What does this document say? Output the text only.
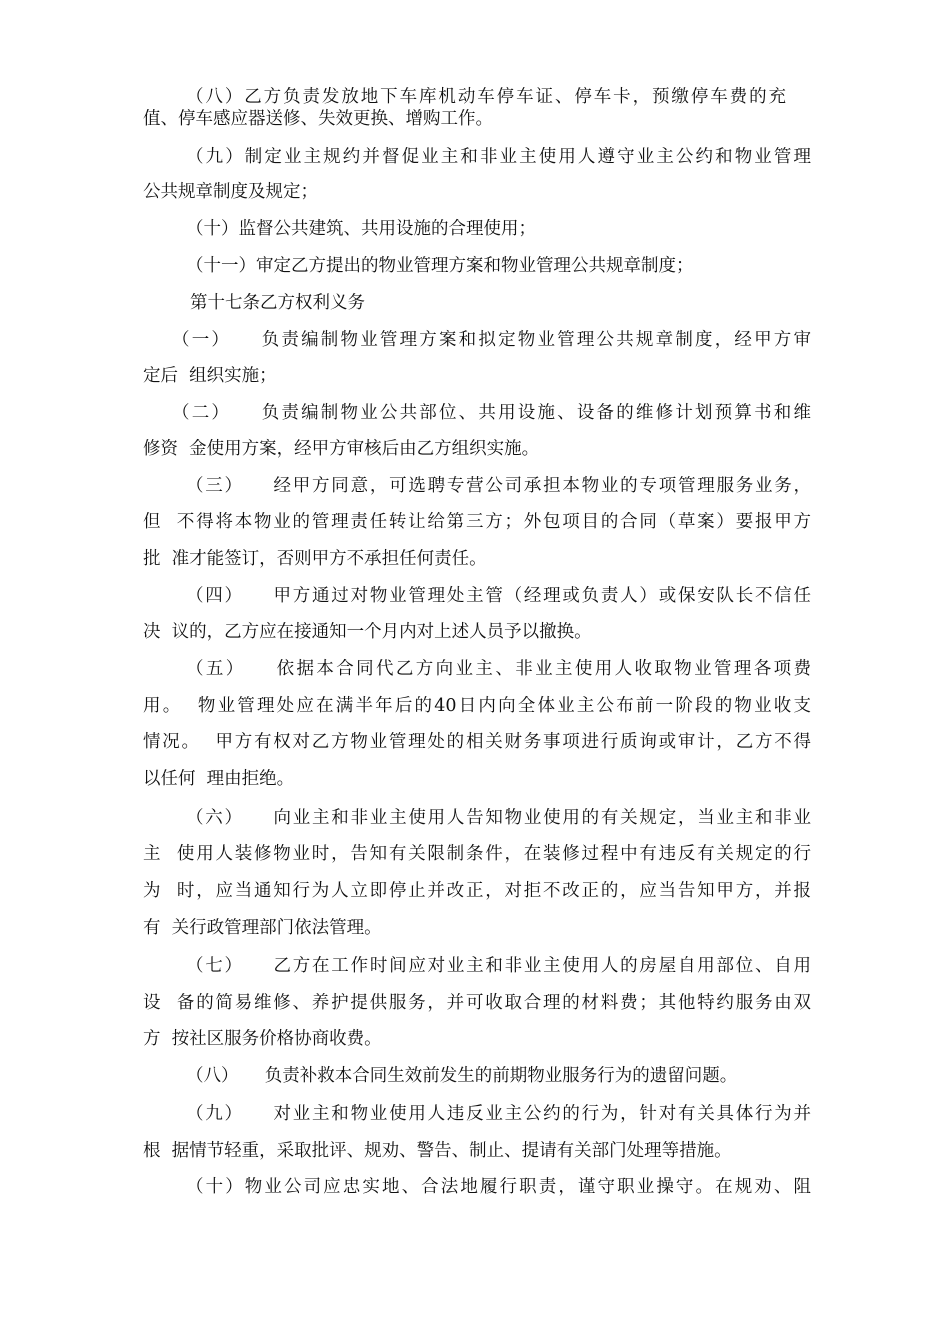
（八）乙方负责发放地下车库机动车停车证、停车卡，预缴停车费的充
值、停车感应器送修、失效更换、增购工作。
（九）制定业主规约并督促业主和非业主使用人遵守业主公约和物业管理
公共规章制度及规定；
（十）监督公共建筑、共用设施的合理使用；
（十一）审定乙方提出的物业管理方案和物业管理公共规章制度；
第十七条乙方权利义务
（一）　　负责编制物业管理方案和拟定物业管理公共规章制度，经甲方审
定后  组织实施；
（二）　　负责编制物业公共部位、共用设施、设备的维修计划预算书和维
修资  金使用方案，经甲方审核后由乙方组织实施。
（三）　　经甲方同意，可选聘专营公司承担本物业的专项管理服务业务，
但  不得将本物业的管理责任转让给第三方；外包项目的合同（草案）要报甲方
批  准才能签订，否则甲方不承担任何责任。
（四）　　甲方通过对物业管理处主管（经理或负责人）或保安队长不信任
决  议的，乙方应在接通知一个月内对上述人员予以撤换。
（五）　　依据本合同代乙方向业主、非业主使用人收取物业管理各项费
用。  物业管理处应在满半年后的40日内向全体业主公布前一阶段的物业收支
情况。  甲方有权对乙方物业管理处的相关财务事项进行质询或审计，乙方不得
以任何  理由拒绝。
（六）　　向业主和非业主使用人告知物业使用的有关规定，当业主和非业
主  使用人装修物业时，告知有关限制条件，在装修过程中有违反有关规定的行
为  时，应当通知行为人立即停止并改正，对拒不改正的，应当告知甲方，并报
有  关行政管理部门依法管理。
（七）　　乙方在工作时间应对业主和非业主使用人的房屋自用部位、自用
设  备的简易维修、养护提供服务，并可收取合理的材料费；其他特约服务由双
方  按社区服务价格协商收费。
（八）　　负责补救本合同生效前发生的前期物业服务行为的遗留问题。
（九）　　对业主和物业使用人违反业主公约的行为，针对有关具体行为并
根  据情节轻重，采取批评、规劝、警告、制止、提请有关部门处理等措施。
（十）物业公司应忠实地、合法地履行职责，谨守职业操守。在规劝、阻
